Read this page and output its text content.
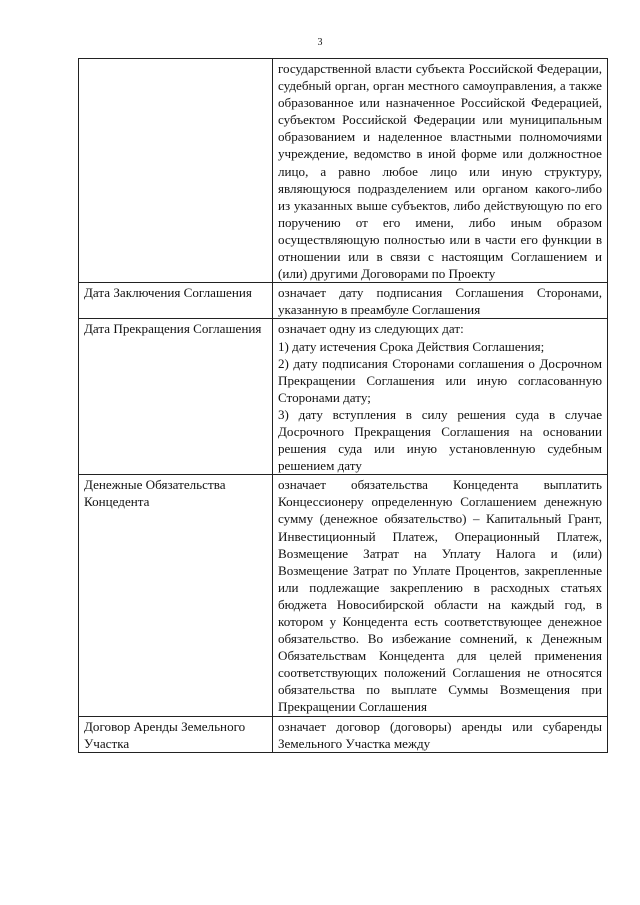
3
	государственной власти субъекта Российской Федерации, судебный орган, орган местного самоуправления, а также образованное или назначенное Российской Федерацией, субъектом Российской Федерации или муниципальным образованием и наделенное властными полномочиями учреждение, ведомство в иной форме или должностное лицо, а равно любое лицо или иную структуру, являющуюся подразделением или органом какого-либо из указанных выше субъектов, либо действующую по его поручению от его имени, либо иным образом осуществляющую полностью или в части его функции в отношении или в связи с настоящим Соглашением и (или) другими Договорами по Проекту
Дата Заключения Соглашения	означает дату подписания Соглашения Сторонами, указанную в преамбуле Соглашения
Дата Прекращения Соглашения	означает одну из следующих дат:
1) дату истечения Срока Действия Соглашения;
2) дату подписания Сторонами соглашения о Досрочном Прекращении Соглашения или иную согласованную Сторонами дату;
3) дату вступления в силу решения суда в случае Досрочного Прекращения Соглашения на основании решения суда или иную установленную судебным решением дату

Денежные Обязательства Концедента	означает обязательства Концедента выплатить Концессионеру определенную Соглашением денежную сумму (денежное обязательство) – Капитальный Грант, Инвестиционный Платеж, Операционный Платеж, Возмещение Затрат на Уплату Налога и (или) Возмещение Затрат по Уплате Процентов, закрепленные или подлежащие закреплению в расходных статьях бюджета Новосибирской области на каждый год, в котором у Концедента есть соответствующее денежное обязательство. Во избежание сомнений, к Денежным Обязательствам Концедента для целей применения соответствующих положений Соглашения не относятся обязательства по выплате Суммы Возмещения при Прекращении Соглашения
Договор Аренды Земельного Участка	означает договор (договоры) аренды или субаренды Земельного Участка между
